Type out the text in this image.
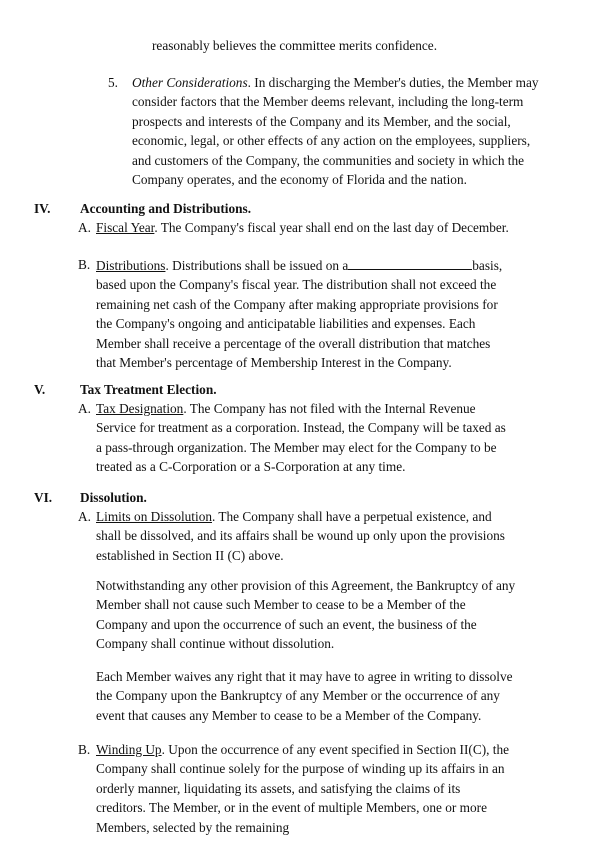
reasonably believes the committee merits confidence.
5. Other Considerations. In discharging the Member's duties, the Member may consider factors that the Member deems relevant, including the long-term prospects and interests of the Company and its Member, and the social, economic, legal, or other effects of any action on the employees, suppliers, and customers of the Company, the communities and society in which the Company operates, and the economy of Florida and the nation.
IV. Accounting and Distributions.
A. Fiscal Year. The Company's fiscal year shall end on the last day of December.
B. Distributions. Distributions shall be issued on a	basis, based upon the Company's fiscal year. The distribution shall not exceed the remaining net cash of the Company after making appropriate provisions for the Company's ongoing and anticipatable liabilities and expenses. Each Member shall receive a percentage of the overall distribution that matches that Member's percentage of Membership Interest in the Company.
V.	Tax Treatment Election.
A. Tax Designation. The Company has not filed with the Internal Revenue Service for treatment as a corporation. Instead, the Company will be taxed as a pass-through organization. The Member may elect for the Company to be treated as a C-Corporation or a S-Corporation at any time.
VI. Dissolution.
A. Limits on Dissolution. The Company shall have a perpetual existence, and shall be dissolved, and its affairs shall be wound up only upon the provisions established in Section II (C) above.
Notwithstanding any other provision of this Agreement, the Bankruptcy of any Member shall not cause such Member to cease to be a Member of the Company and upon the occurrence of such an event, the business of the Company shall continue without dissolution.
Each Member waives any right that it may have to agree in writing to dissolve the Company upon the Bankruptcy of any Member or the occurrence of any event that causes any Member to cease to be a Member of the Company.
B. Winding Up. Upon the occurrence of any event specified in Section II(C), the Company shall continue solely for the purpose of winding up its affairs in an orderly manner, liquidating its assets, and satisfying the claims of its creditors. The Member, or in the event of multiple Members, one or more Members, selected by the remaining
